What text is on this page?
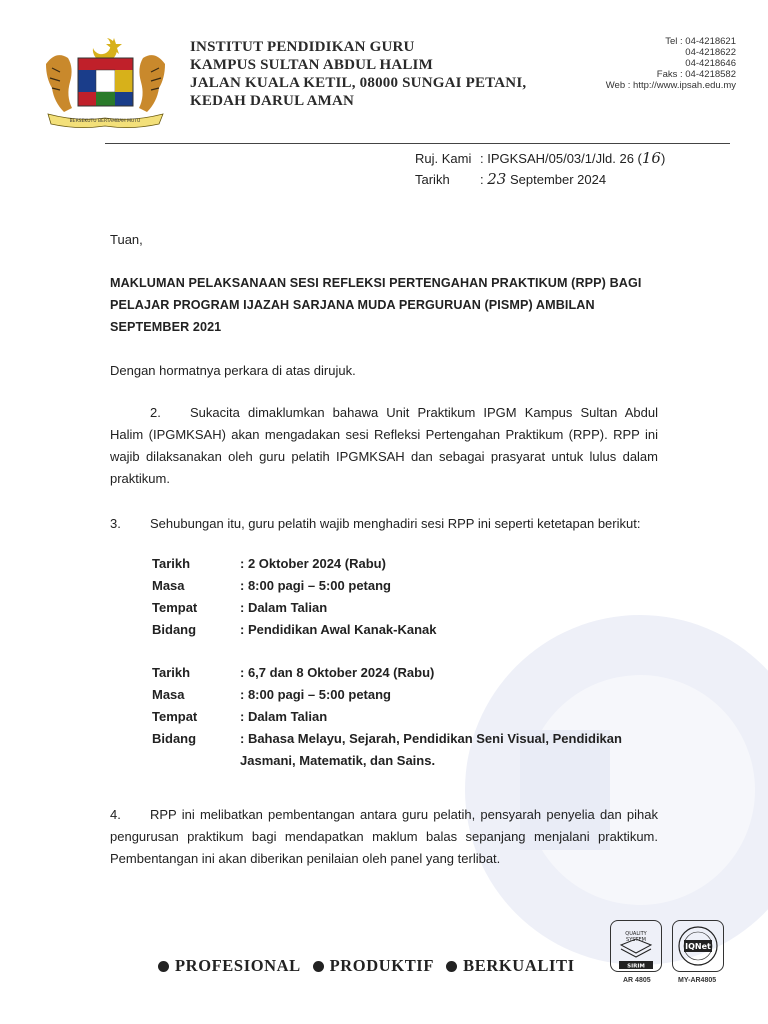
BERSEKUTU BERTAMBAH MUTU
INSTITUT PENDIDIKAN GURU
KAMPUS SULTAN ABDUL HALIM
JALAN KUALA KETIL, 08000 SUNGAI PETANI,
KEDAH DARUL AMAN
Tel : 04-4218621
04-4218622
04-4218646
Faks : 04-4218582
Web : http://www.ipsah.edu.my
Ruj. Kami : IPGKSAH/05/03/1/Jld. 26 (16)
Tarikh : 23 September 2024
Tuan,
MAKLUMAN PELAKSANAAN SESI REFLEKSI PERTENGAHAN PRAKTIKUM (RPP) BAGI PELAJAR PROGRAM IJAZAH SARJANA MUDA PERGURUAN (PISMP) AMBILAN SEPTEMBER 2021
Dengan hormatnya perkara di atas dirujuk.
2. Sukacita dimaklumkan bahawa Unit Praktikum IPGM Kampus Sultan Abdul Halim (IPGMKSAH) akan mengadakan sesi Refleksi Pertengahan Praktikum (RPP). RPP ini wajib dilaksanakan oleh guru pelatih IPGMKSAH dan sebagai prasyarat untuk lulus dalam praktikum.
3. Sehubungan itu, guru pelatih wajib menghadiri sesi RPP ini seperti ketetapan berikut:
Tarikh	: 2 Oktober 2024 (Rabu)
Masa	: 8:00 pagi – 5:00 petang
Tempat	: Dalam Talian
Bidang	: Pendidikan Awal Kanak-Kanak
Tarikh	: 6,7 dan 8 Oktober 2024 (Rabu)
Masa	: 8:00 pagi – 5:00 petang
Tempat	: Dalam Talian
Bidang	: Bahasa Melayu, Sejarah, Pendidikan Seni Visual, Pendidikan Jasmani, Matematik, dan Sains.
4. RPP ini melibatkan pembentangan antara guru pelatih, pensyarah penyelia dan pihak pengurusan praktikum bagi mendapatkan maklum balas sepanjang menjalani praktikum. Pembentangan ini akan diberikan penilaian oleh panel yang terlibat.
PROFESIONAL PRODUKTIF BERKUALITI
QUALITY
SYSTEM
SIRIM
AR 4805
IQNet
MY-AR4805
